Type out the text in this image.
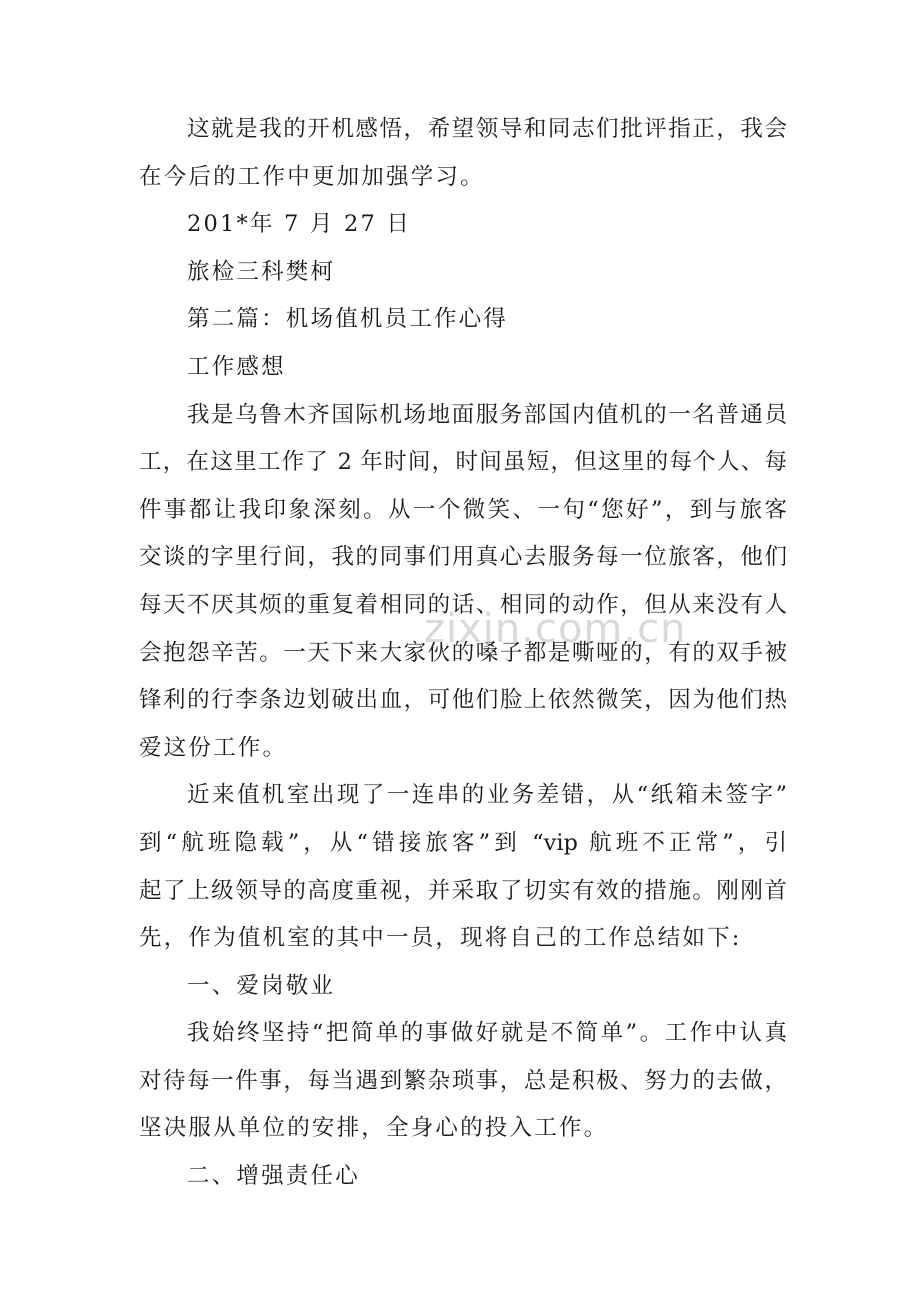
这就是我的开机感悟，希望领导和同志们批评指正，我会
在今后的工作中更加加强学习。
201*年 7 月 27 日
旅检三科樊柯
第二篇：机场值机员工作心得
工作感想
我是乌鲁木齐国际机场地面服务部国内值机的一名普通员
工，在这里工作了 2 年时间，时间虽短，但这里的每个人、每
件事都让我印象深刻。从一个微笑、一句“您好”，到与旅客
交谈的字里行间，我的同事们用真心去服务每一位旅客，他们
每天不厌其烦的重复着相同的话、相同的动作，但从来没有人
会抱怨辛苦。一天下来大家伙的嗓子都是嘶哑的，有的双手被
锋利的行李条边划破出血，可他们脸上依然微笑，因为他们热
爱这份工作。
近来值机室出现了一连串的业务差错，从“纸箱未签字”
到“航班隐载”，从“错接旅客”到 “vip 航班不正常”，引
起了上级领导的高度重视，并采取了切实有效的措施。刚刚首
先，作为值机室的其中一员，现将自己的工作总结如下:
一、爱岗敬业
我始终坚持“把简单的事做好就是不简单”。工作中认真
对待每一件事，每当遇到繁杂琐事，总是积极、努力的去做，
坚决服从单位的安排，全身心的投入工作。
二、增强责任心
zixin.com.cn
